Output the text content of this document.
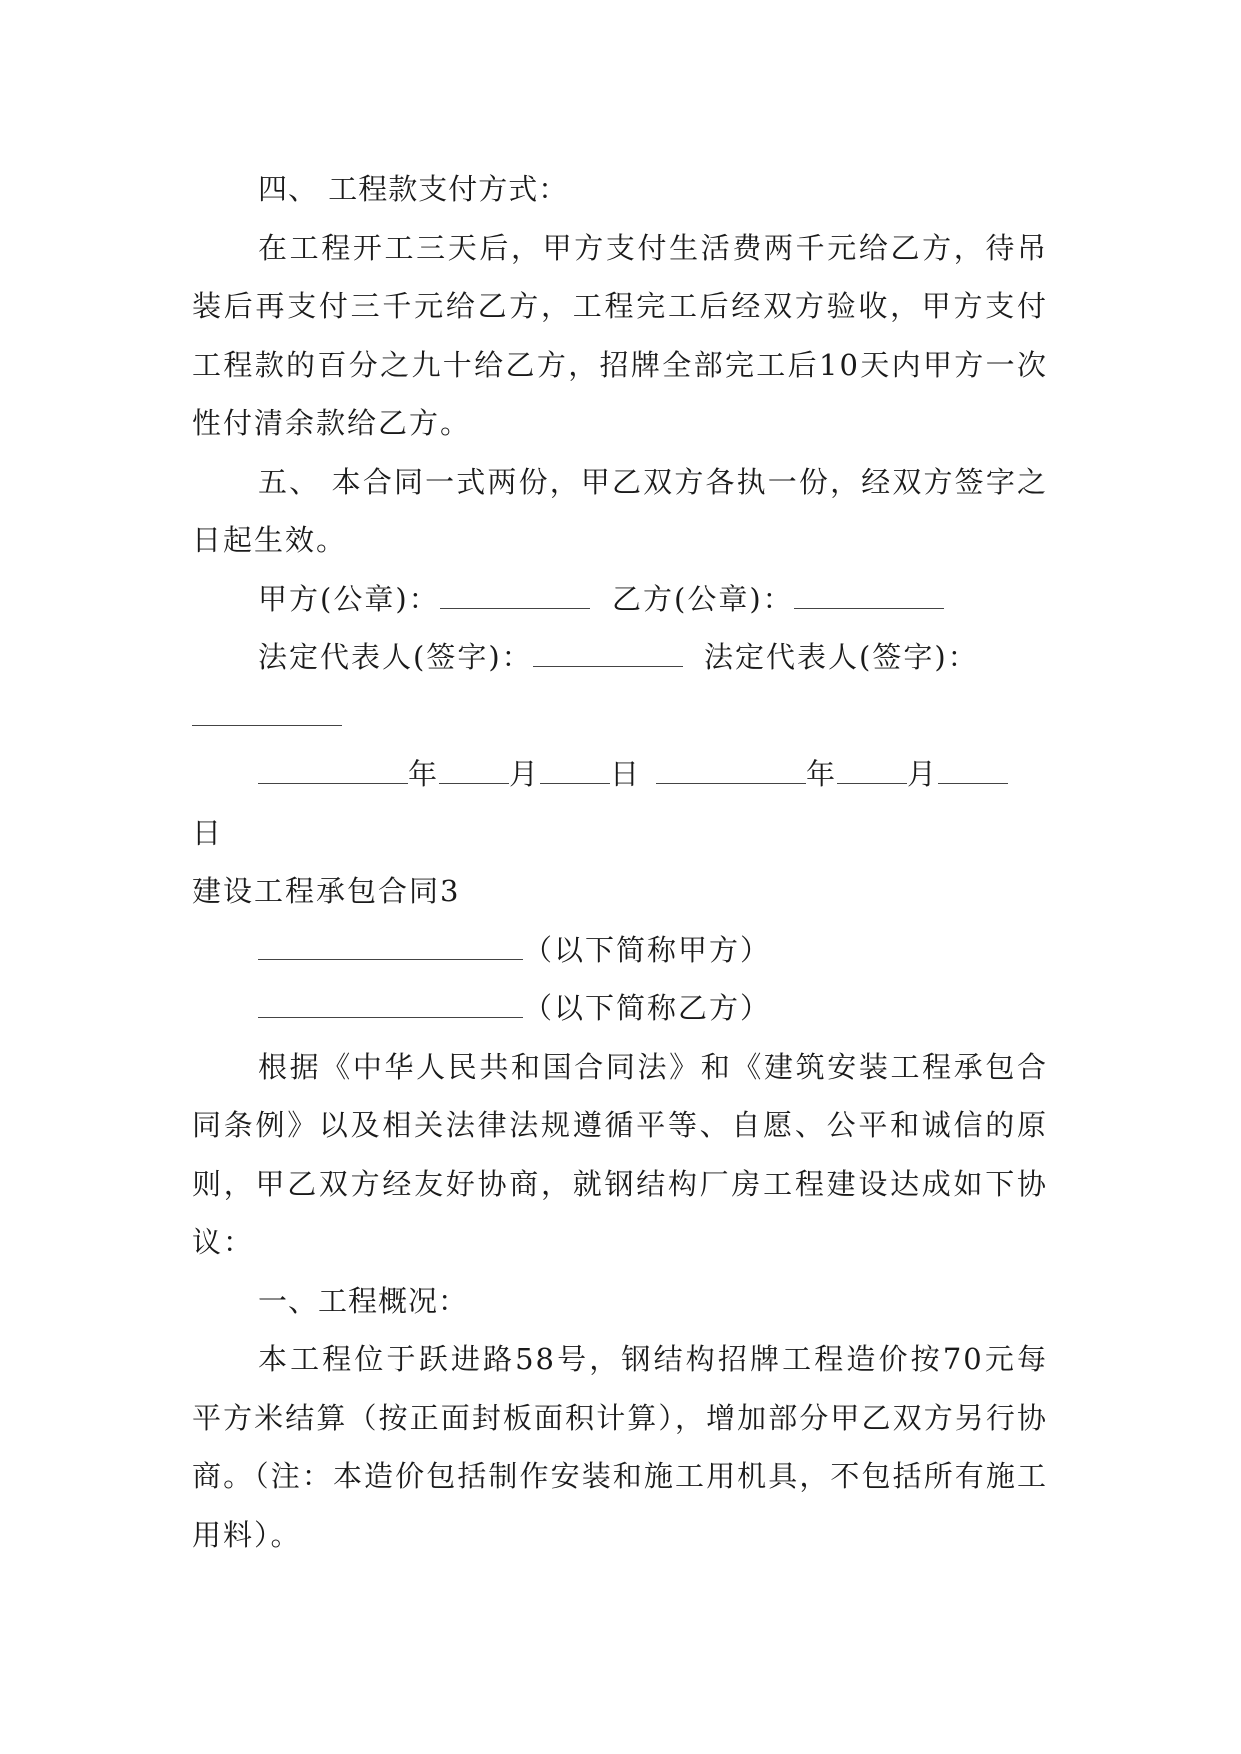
四、 工程款支付方式：

在工程开工三天后，甲方支付生活费两千元给乙方，待吊装后再支付三千元给乙方，工程完工后经双方验收，甲方支付工程款的百分之九十给乙方，招牌全部完工后10天内甲方一次性付清余款给乙方。

五、 本合同一式两份，甲乙双方各执一份，经双方签字之日起生效。

甲方(公章)：	乙方(公章)：
法定代表人(签字)：	法定代表人(签字)：
年 月 日	年 月
日

建设工程承包合同3

（以下简称甲方）
（以下简称乙方）

根据《中华人民共和国合同法》和《建筑安装工程承包合同条例》以及相关法律法规遵循平等、自愿、公平和诚信的原则，甲乙双方经友好协商，就钢结构厂房工程建设达成如下协议：

一、工程概况：

本工程位于跃进路58号，钢结构招牌工程造价按70元每平方米结算（按正面封板面积计算），增加部分甲乙双方另行协商。（注：本造价包括制作安装和施工用机具，不包括所有施工用料）。
